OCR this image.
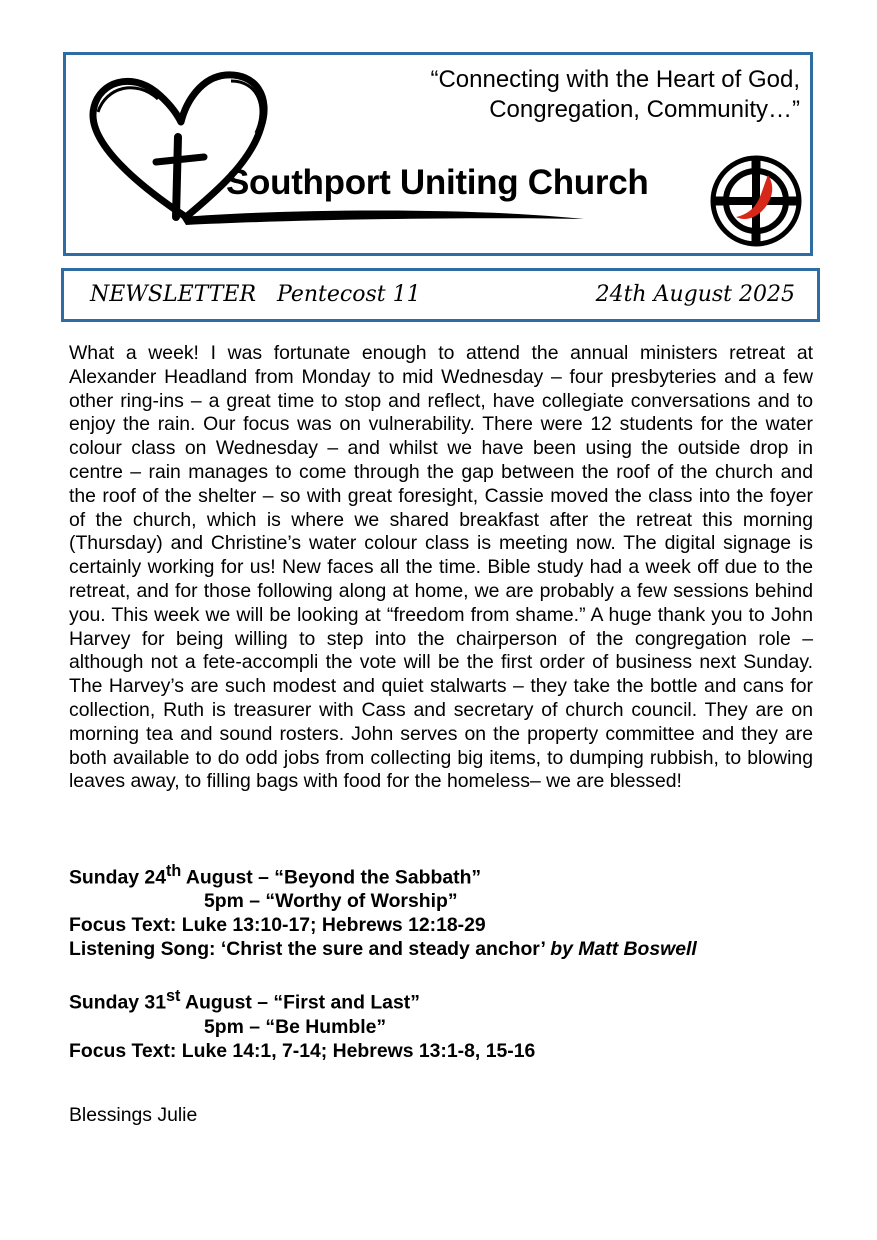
“Connecting with the Heart of God,
Congregation, Community…”
Southport Uniting Church
NEWSLETTER   Pentecost 11	24th August 2025
What a week! I was fortunate enough to attend the annual ministers retreat at Alexander Headland from Monday to mid Wednesday – four presbyteries and a few other ring-ins – a great time to stop and reflect, have collegiate conversations and to enjoy the rain. Our focus was on vulnerability. There were 12 students for the water colour class on Wednesday – and whilst we have been using the outside drop in centre – rain manages to come through the gap between the roof of the church and the roof of the shelter – so with great foresight, Cassie moved the class into the foyer of the church, which is where we shared breakfast after the retreat this morning (Thursday) and Christine’s water colour class is meeting now. The digital signage is certainly working for us! New faces all the time. Bible study had a week off due to the retreat, and for those following along at home, we are probably a few sessions behind you. This week we will be looking at “freedom from shame.” A huge thank you to John Harvey for being willing to step into the chairperson of the congregation role – although not a fete-accompli the vote will be the first order of business next Sunday. The Harvey’s are such modest and quiet stalwarts – they take the bottle and cans for collection, Ruth is treasurer with Cass and secretary of church council. They are on morning tea and sound rosters. John serves on the property committee and they are both available to do odd jobs from collecting big items, to dumping rubbish, to blowing leaves away, to filling bags with food for the homeless– we are blessed!

Sunday 24th August – “Beyond the Sabbath”

5pm – “Worthy of Worship”

Focus Text: Luke 13:10-17; Hebrews 12:18-29

Listening Song: ‘Christ the sure and steady anchor’ by Matt Boswell

Sunday 31st August – “First and Last”

5pm – “Be Humble”

Focus Text: Luke 14:1, 7-14; Hebrews 13:1-8, 15-16

Blessings Julie
